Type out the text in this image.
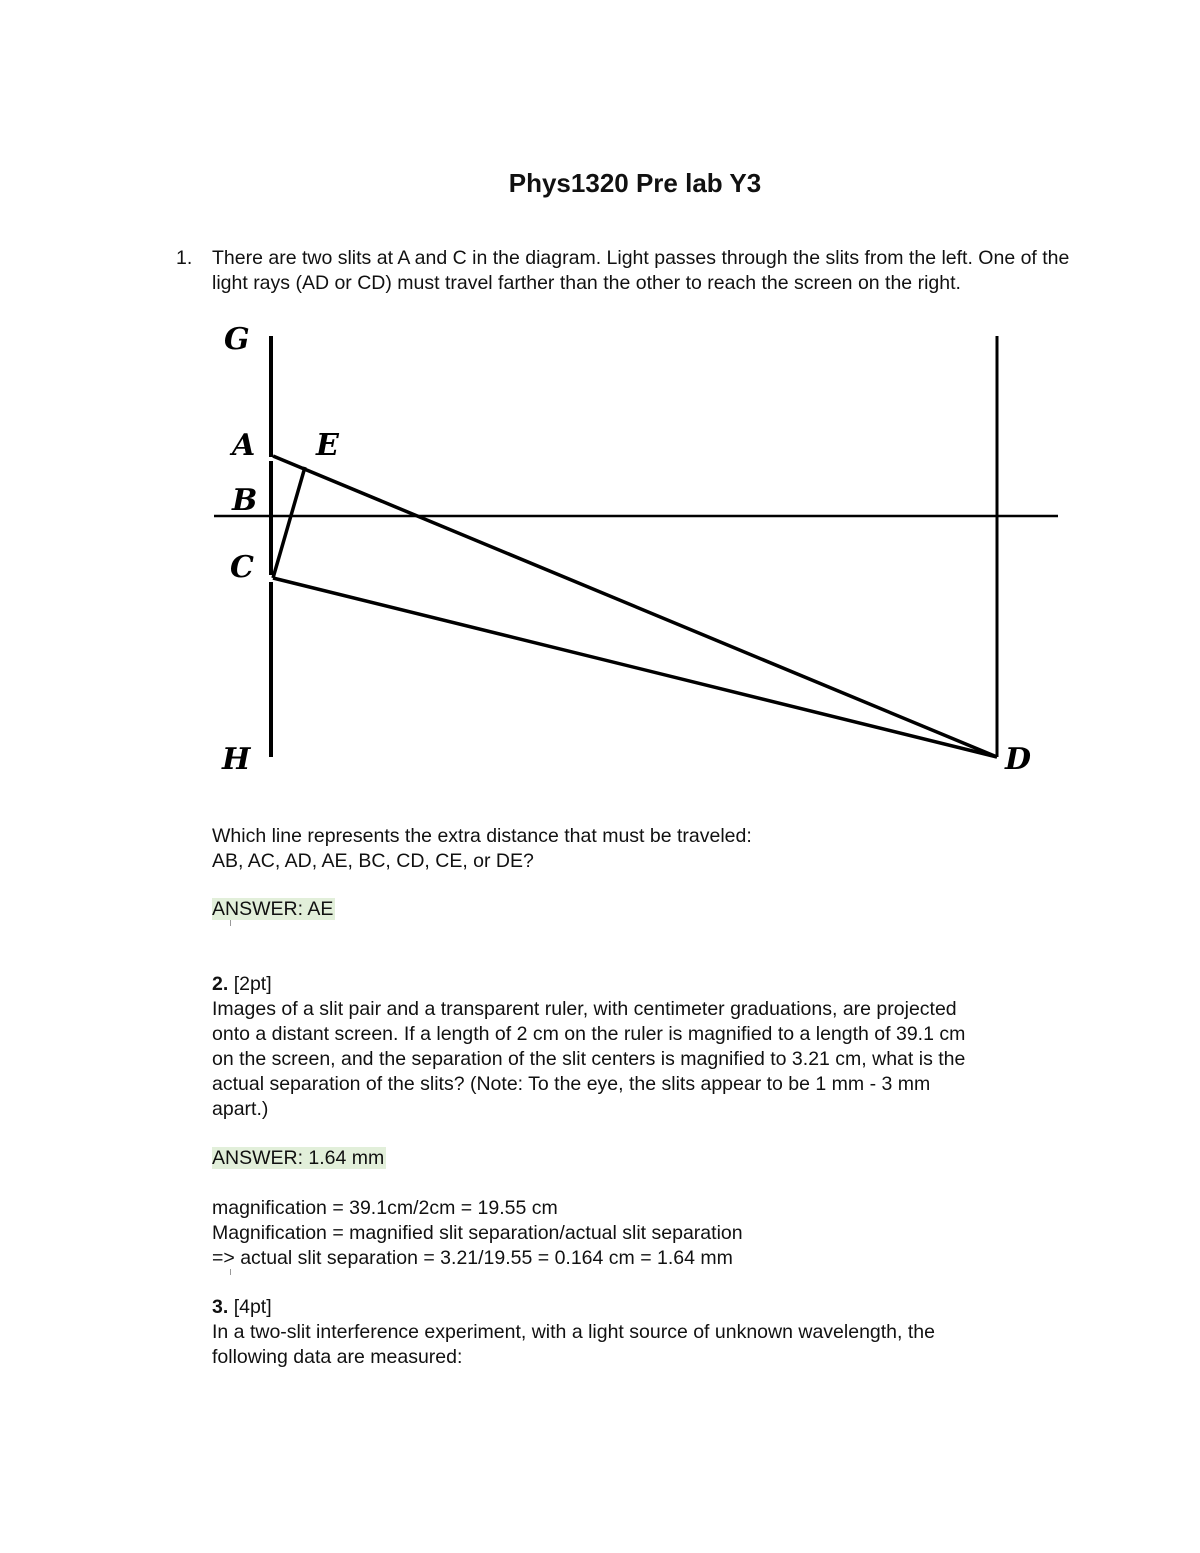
Phys1320 Pre lab Y3
1. There are two slits at A and C in the diagram. Light passes through the slits from the left. One of the light rays (AD or CD) must travel farther than the other to reach the screen on the right.
G
A E
B
C
H	D
Which line represents the extra distance that must be traveled:
AB, AC, AD, AE, BC, CD, CE, or DE?
ANSWER: AE
2. [2pt]
Images of a slit pair and a transparent ruler, with centimeter graduations, are projected
onto a distant screen. If a length of 2 cm on the ruler is magnified to a length of 39.1 cm
on the screen, and the separation of the slit centers is magnified to 3.21 cm, what is the
actual separation of the slits? (Note: To the eye, the slits appear to be 1 mm - 3 mm
apart.)
ANSWER: 1.64 mm
magnification = 39.1cm/2cm = 19.55 cm
Magnification = magnified slit separation/actual slit separation
=> actual slit separation = 3.21/19.55 = 0.164 cm = 1.64 mm
3. [4pt]
In a two-slit interference experiment, with a light source of unknown wavelength, the
following data are measured:
